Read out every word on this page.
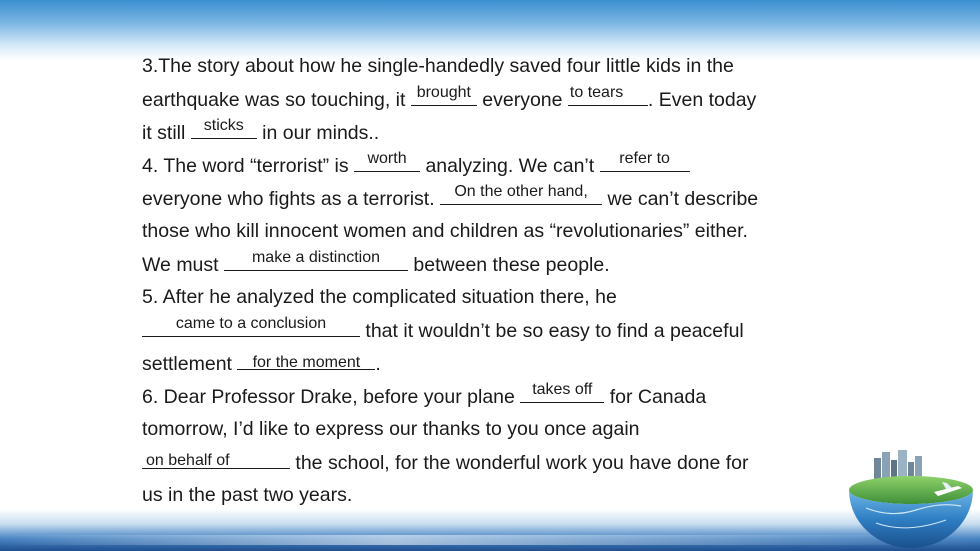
3.The story about how he single-handedly saved four little kids in the
earthquake was so touching, it brought everyone to tears	. Even today
it still sticks in our minds..
4. The word “terrorist” is worth analyzing. We can’t	refer to
everyone who fights as a terrorist. On the other hand, we can’t describe
those who kill innocent women and children as “revolutionaries” either.
We must	make a distinction	between these people.
5. After he analyzed the complicated situation there, he
came to a conclusion	that it wouldn’t be so easy to find a peaceful
settlement for the moment .
6. Dear Professor Drake, before your plane takes off for Canada
tomorrow, I’d like to express our thanks to you once again
on behalf of	the school, for the wonderful work you have done for
us in the past two years.
